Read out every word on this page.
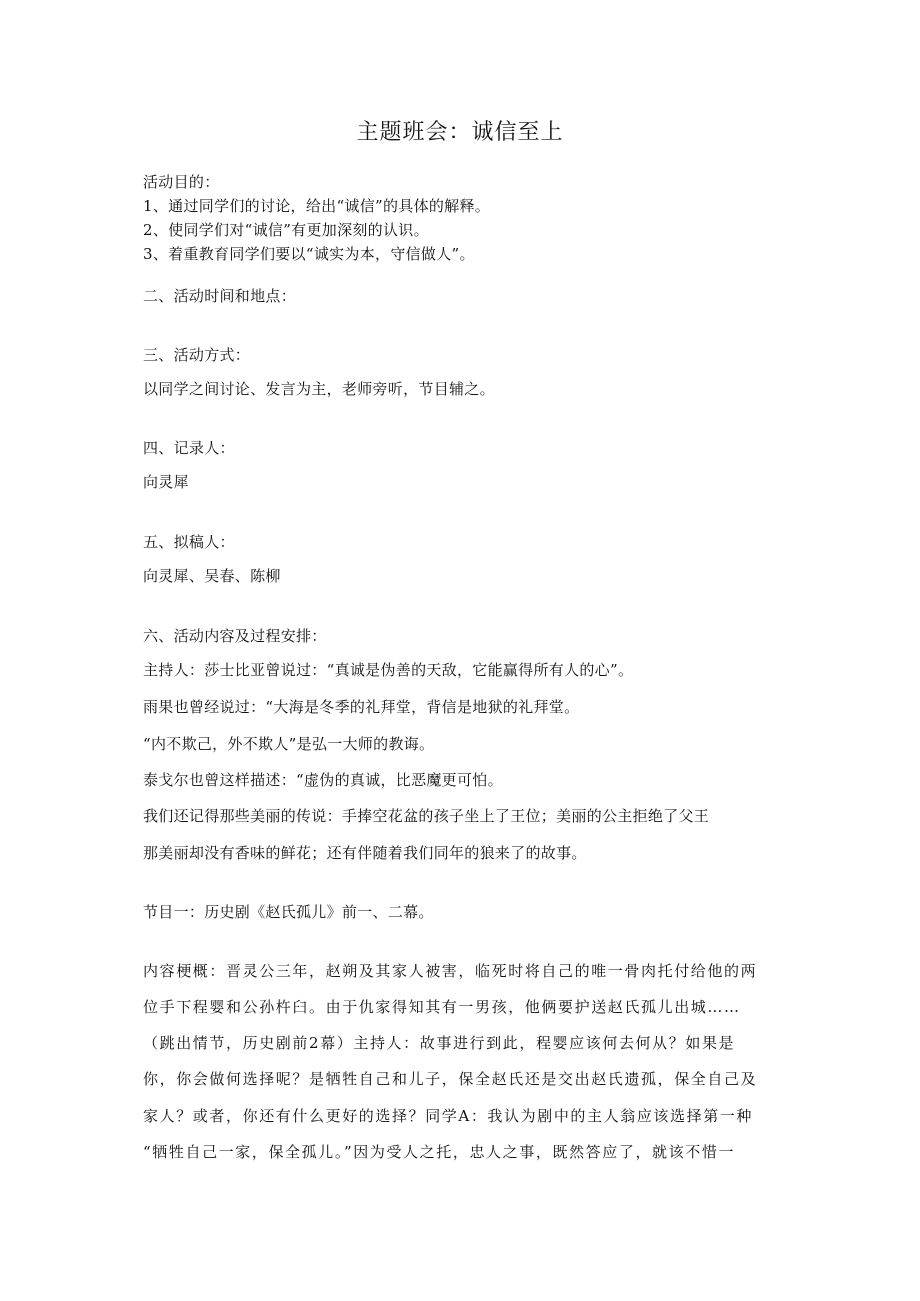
主题班会：诚信至上
活动目的：
1、通过同学们的讨论，给出“诚信”的具体的解释。
2、使同学们对“诚信”有更加深刻的认识。
3、着重教育同学们要以“诚实为本，守信做人”。
二、活动时间和地点：
三、活动方式：
以同学之间讨论、发言为主，老师旁听，节目辅之。
四、记录人：
向灵犀
五、拟稿人：
向灵犀、吴春、陈柳
六、活动内容及过程安排：
主持人：莎士比亚曾说过：“真诚是伪善的天敌，它能赢得所有人的心”。
雨果也曾经说过：“大海是冬季的礼拜堂，背信是地狱的礼拜堂。
“内不欺己，外不欺人”是弘一大师的教诲。
泰戈尔也曾这样描述：“虚伪的真诚，比恶魔更可怕。
我们还记得那些美丽的传说：手捧空花盆的孩子坐上了王位；美丽的公主拒绝了父王
那美丽却没有香味的鲜花；还有伴随着我们同年的狼来了的故事。
节目一：历史剧《赵氏孤儿》前一、二幕。
内容梗概：晋灵公三年，赵朔及其家人被害，临死时将自己的唯一骨肉托付给他的两
位手下程婴和公孙杵臼。由于仇家得知其有一男孩，他俩要护送赵氏孤儿出城……
（跳出情节，历史剧前2幕）主持人：故事进行到此，程婴应该何去何从？如果是
你，你会做何选择呢？是牺牲自己和儿子，保全赵氏还是交出赵氏遗孤，保全自己及
家人？或者，你还有什么更好的选择？同学A：我认为剧中的主人翁应该选择第一种
“牺牲自己一家，保全孤儿。”因为受人之托，忠人之事，既然答应了，就该不惜一
